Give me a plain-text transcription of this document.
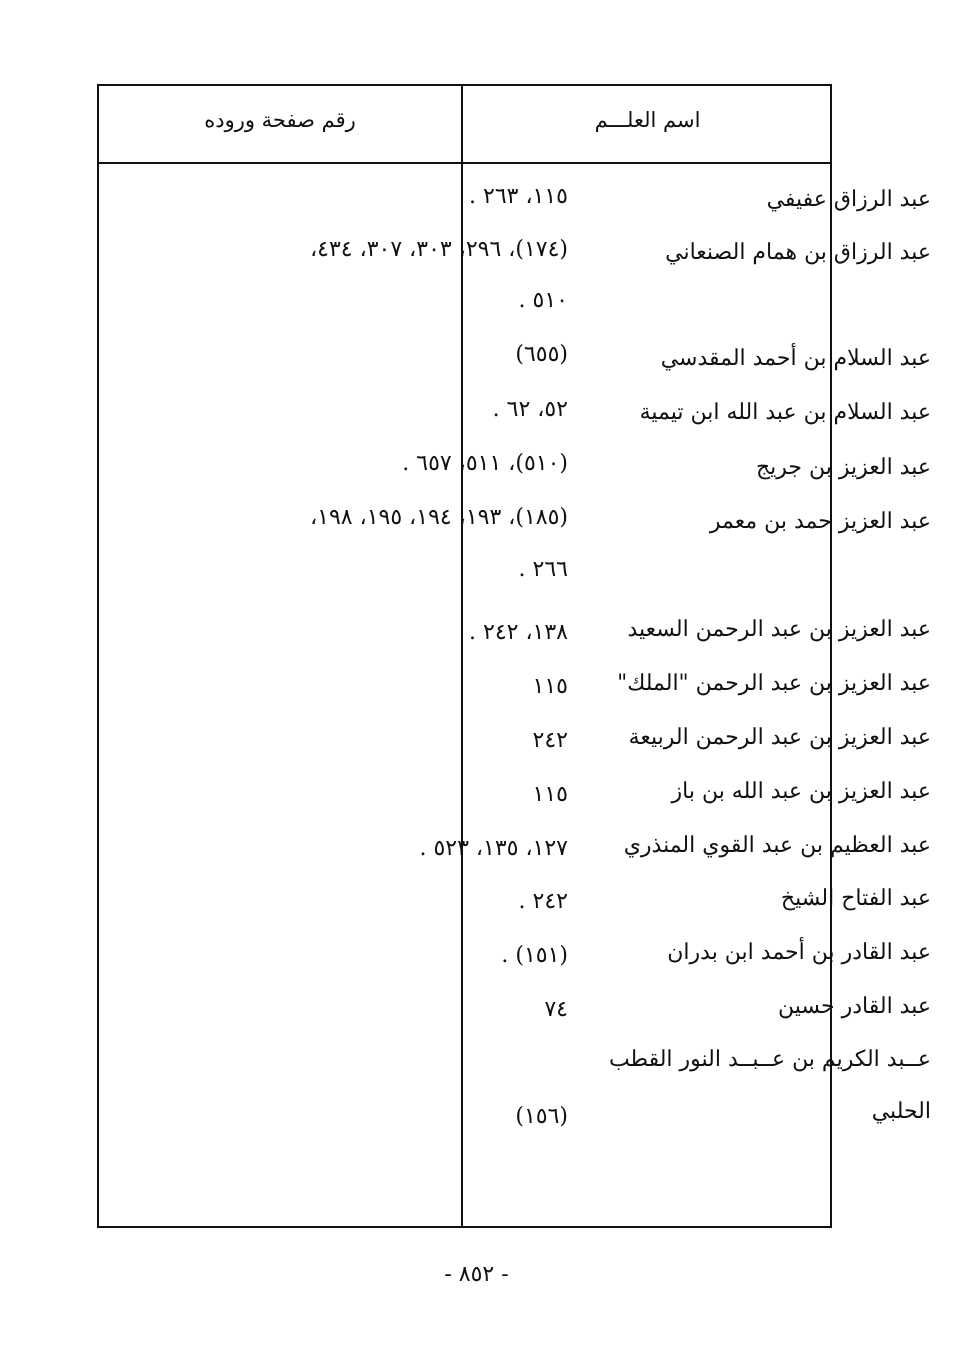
اسم العلـــم
رقم صفحة وروده
عبد الرزاق عفيفي
١١٥، ٢٦٣ .
عبد الرزاق بن همام الصنعاني
(١٧٤)، ٢٩٦، ٣٠٣، ٣٠٧، ٤٣٤،
٥١٠ .
عبد السلام بن أحمد المقدسي
(٦٥٥)
عبد السلام بن عبد الله ابن تيمية
٥٢، ٦٢ .
عبد العزيز بن جريج
(٥١٠)، ٥١١، ٦٥٧ .
عبد العزيز حمد بن معمر
(١٨٥)، ١٩٣، ١٩٤، ١٩٥، ١٩٨،
٢٦٦ .
عبد العزيز بن عبد الرحمن السعيد
١٣٨، ٢٤٢ .
عبد العزيز بن عبد الرحمن "الملك"
١١٥
عبد العزيز بن عبد الرحمن الربيعة
٢٤٢
عبد العزيز بن عبد الله بن باز
١١٥
عبد العظيم بن عبد القوي المنذري
١٢٧، ١٣٥، ٥٢٣ .
عبد الفتاح الشيخ
٢٤٢ .
عبد القادر بن أحمد ابن بدران
(١٥١) .
عبد القادر حسين
٧٤
عــبد الكريم بن عــبــد النور القطب
الحلبي
(١٥٦)
- ٨٥٢ -
